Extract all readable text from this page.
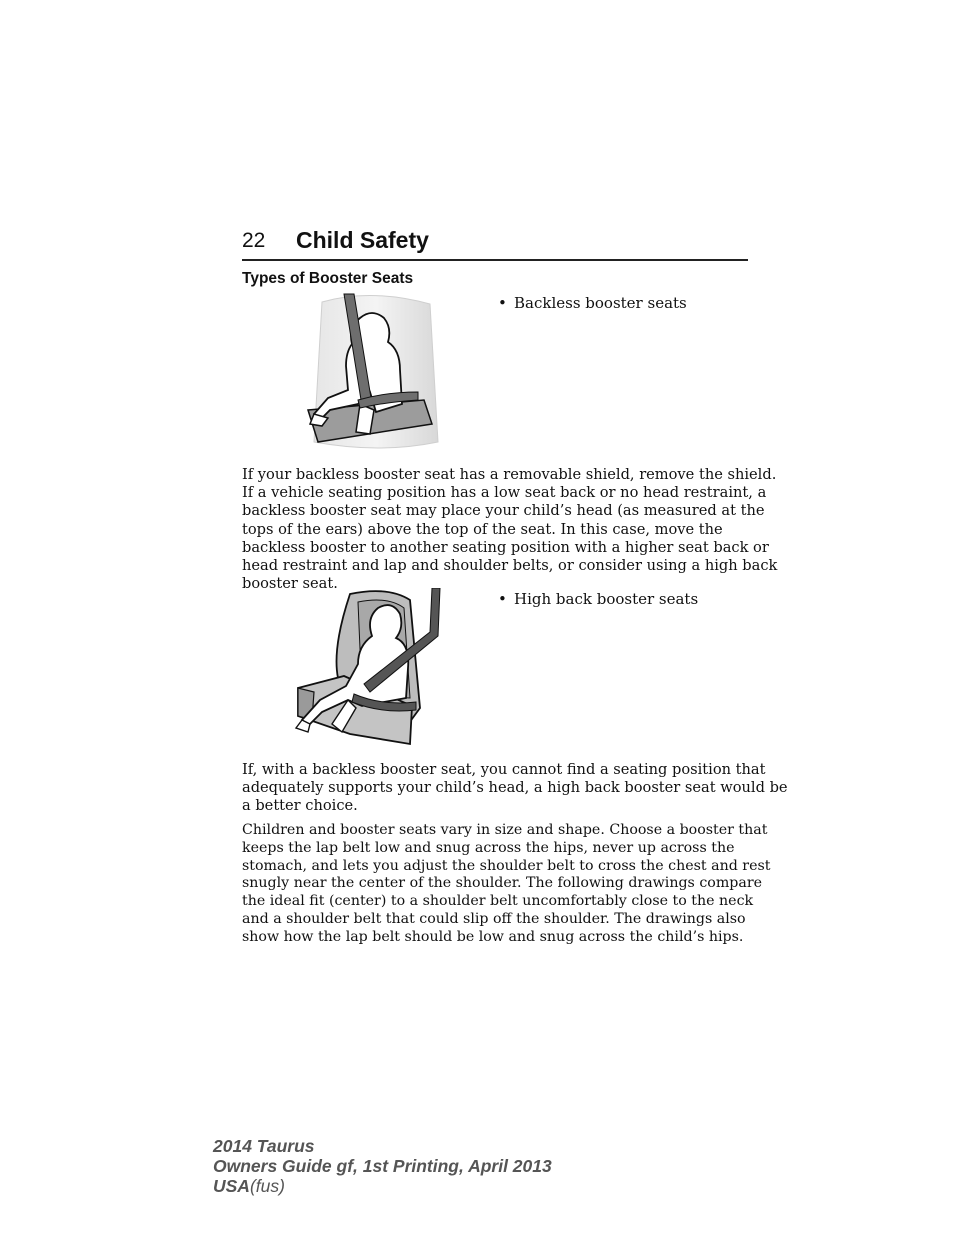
22 Child Safety
Types of Booster Seats
• Backless booster seats
If your backless booster seat has a removable shield, remove the shield.
If a vehicle seating position has a low seat back or no head restraint, a
backless booster seat may place your child’s head (as measured at the
tops of the ears) above the top of the seat. In this case, move the
backless booster to another seating position with a higher seat back or
head restraint and lap and shoulder belts, or consider using a high back
booster seat.
• High back booster seats
If, with a backless booster seat, you cannot find a seating position that
adequately supports your child’s head, a high back booster seat would be
a better choice.
Children and booster seats vary in size and shape. Choose a booster that
keeps the lap belt low and snug across the hips, never up across the
stomach, and lets you adjust the shoulder belt to cross the chest and rest
snugly near the center of the shoulder. The following drawings compare
the ideal fit (center) to a shoulder belt uncomfortably close to the neck
and a shoulder belt that could slip off the shoulder. The drawings also
show how the lap belt should be low and snug across the child’s hips.
2014 Taurus
Owners Guide gf, 1st Printing, April 2013
USA(fus)
